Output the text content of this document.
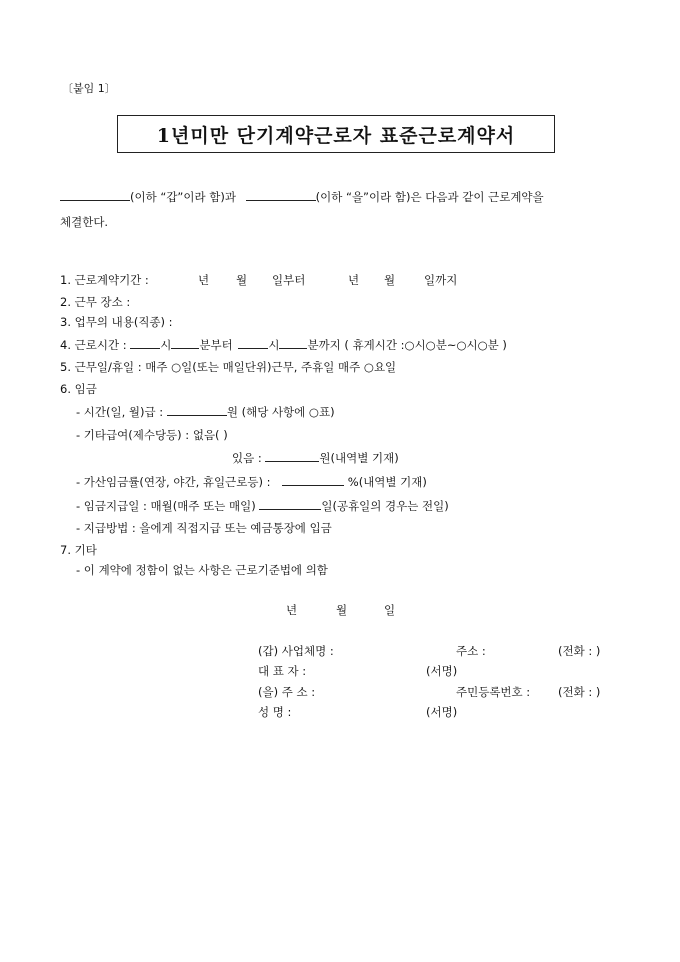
〔붙임 1〕
1년미만 단기계약근로자 표준근로계약서
(이하 “갑”이라 함)과	(이하 “을”이라 함)은 다음과 같이 근로계약을
체결한다.
1. 근로계약기간 :	년 월 일부터	년 월	일까지
2. 근무 장소 :
3. 업무의 내용(직종) :
4. 근로시간 :	시 분부터	시 분까지 ( 휴게시간 :○시○분~○시○분 )
5. 근무일/휴일 : 매주 ○일(또는 매일단위)근무, 주휴일 매주 ○요일
6. 임금
- 시간(일, 월)급 :	원 (해당 사항에 ○표)
- 기타급여(제수당등) : 없음( )
있음 :	원(내역별 기재)
- 가산임금률(연장, 야간, 휴일근로등) :	%(내역별 기재)
- 임금지급일 : 매월(매주 또는 매일)	일(공휴일의 경우는 전일)
- 지급방법 : 을에게 직접지급 또는 예금통장에 입금
7. 기타
- 이 계약에 정함이 없는 사항은 근로기준법에 의함
년	월	일
(갑) 사업체명 :	주소 :	(전화 : )
대 표 자 :	(서명)
(을) 주 소 :	주민등록번호 : (전화 : )
성 명 :	(서명)
